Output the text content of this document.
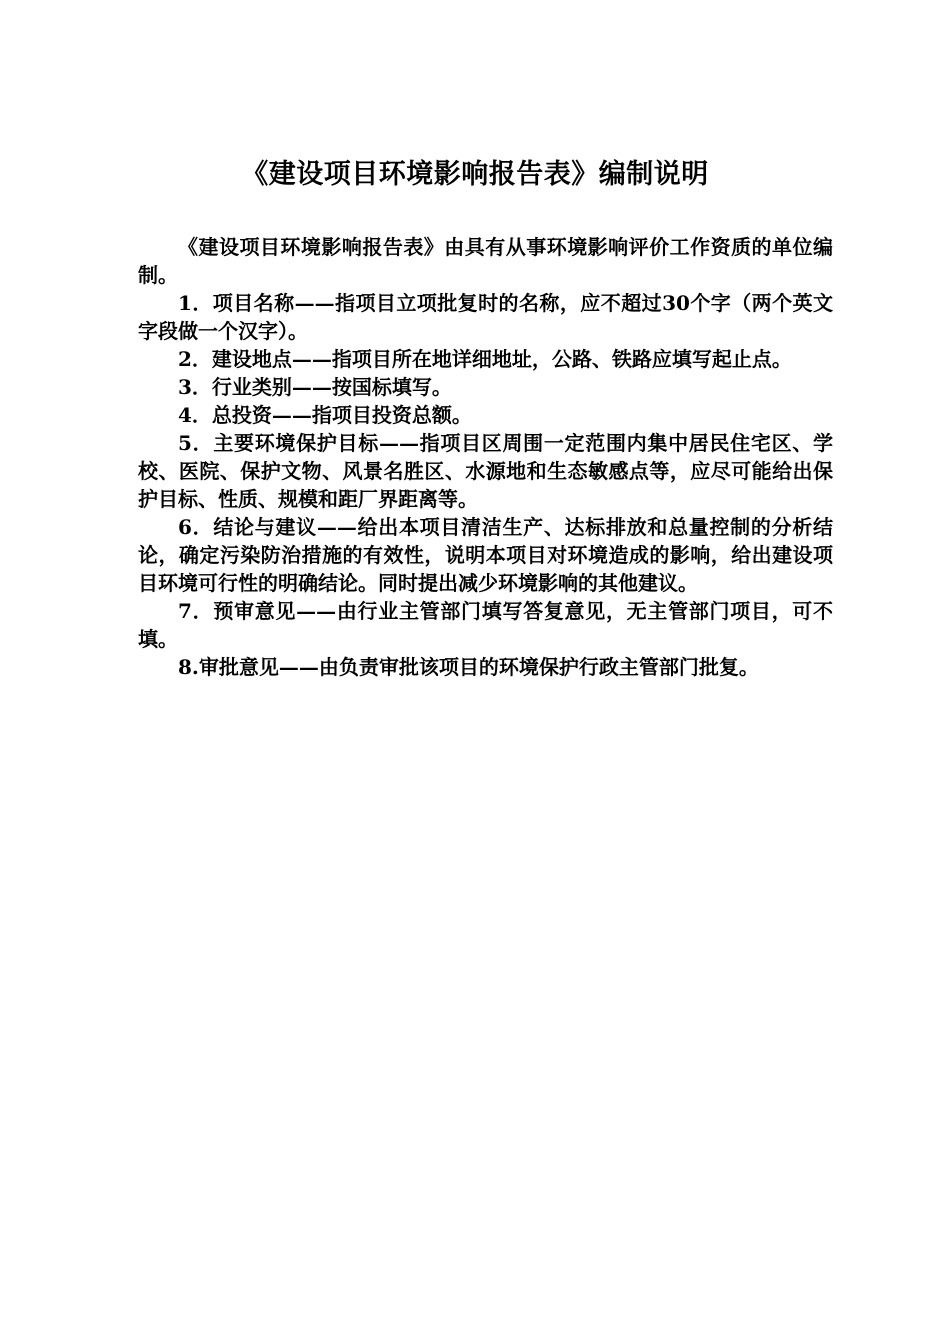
《建设项目环境影响报告表》编制说明

《建设项目环境影响报告表》由具有从事环境影响评价工作资质的单位编制。

1．项目名称——指项目立项批复时的名称，应不超过30个字（两个英文字段做一个汉字）。

2．建设地点——指项目所在地详细地址，公路、铁路应填写起止点。

3．行业类别——按国标填写。

4．总投资——指项目投资总额。

5．主要环境保护目标——指项目区周围一定范围内集中居民住宅区、学校、医院、保护文物、风景名胜区、水源地和生态敏感点等，应尽可能给出保护目标、性质、规模和距厂界距离等。

6．结论与建议——给出本项目清洁生产、达标排放和总量控制的分析结论，确定污染防治措施的有效性，说明本项目对环境造成的影响，给出建设项目环境可行性的明确结论。同时提出减少环境影响的其他建议。

7．预审意见——由行业主管部门填写答复意见，无主管部门项目，可不填。

8.审批意见——由负责审批该项目的环境保护行政主管部门批复。
